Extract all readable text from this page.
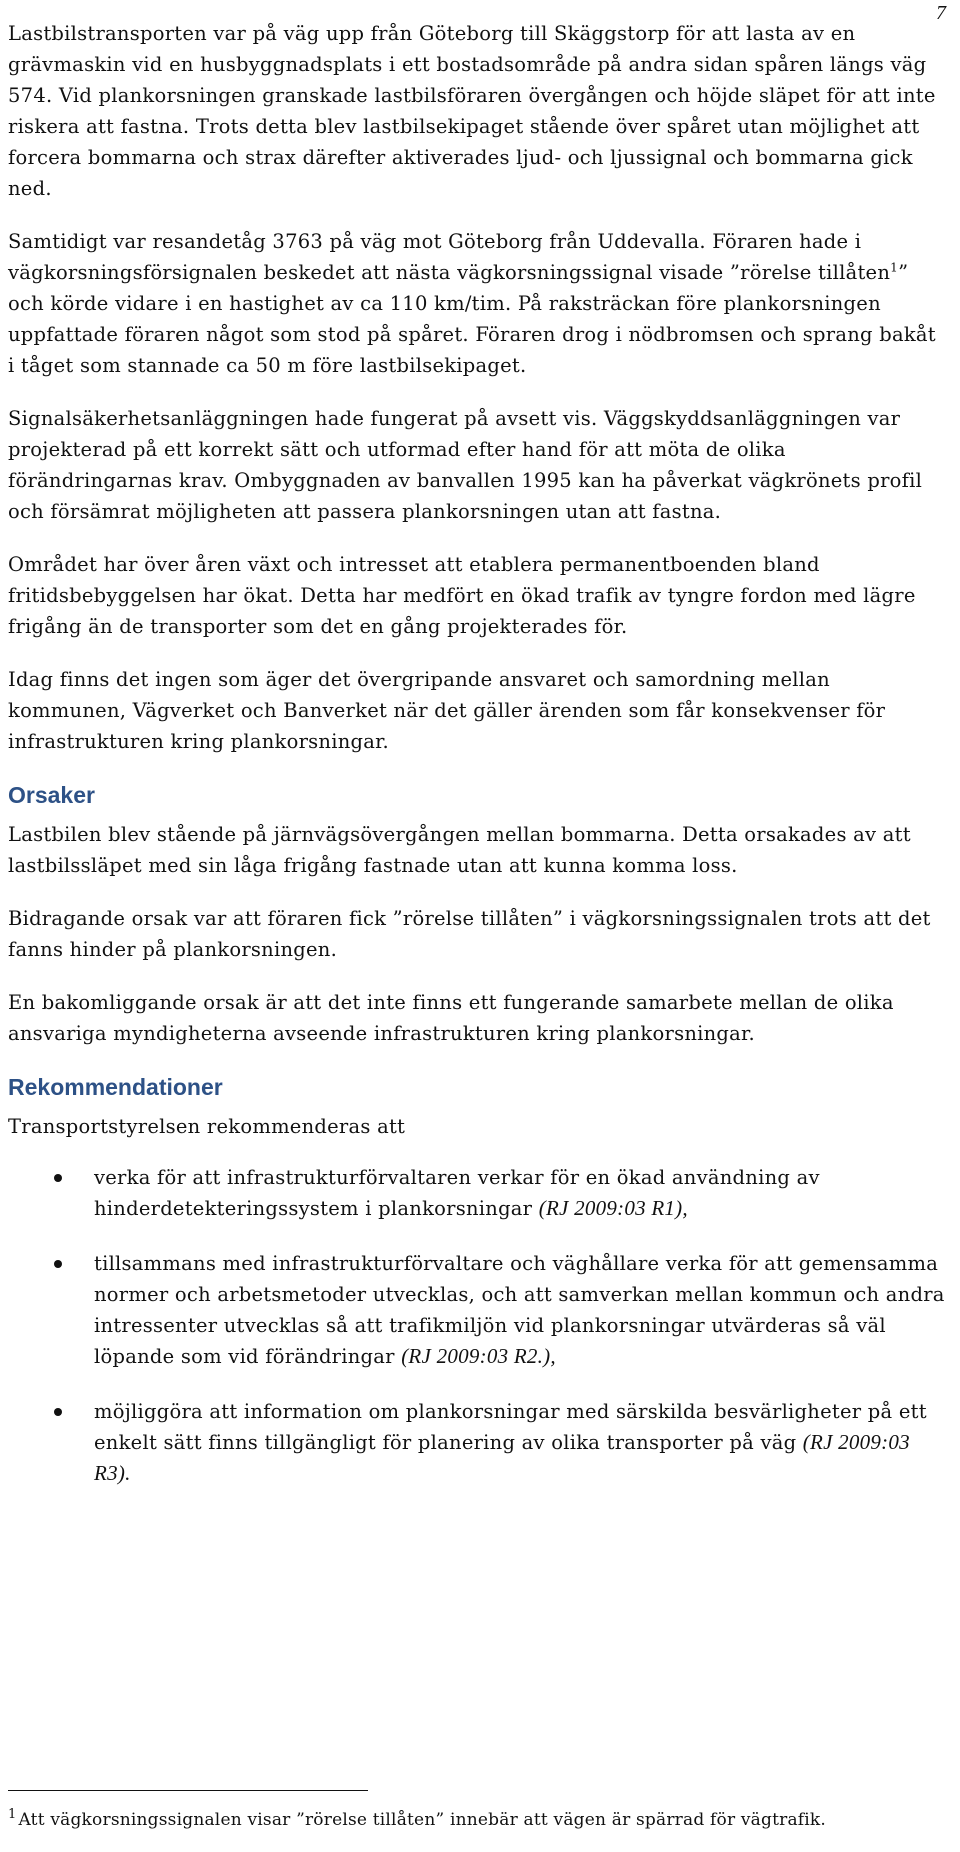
7

Lastbilstransporten var på väg upp från Göteborg till Skäggstorp för att lasta av en grävmaskin vid en husbyggnadsplats i ett bostadsområde på andra sidan spåren längs väg 574. Vid plankorsningen granskade lastbilsföraren övergången och höjde släpet för att inte riskera att fastna. Trots detta blev lastbilsekipaget stående över spåret utan möjlighet att forcera bommarna och strax därefter aktiverades ljud- och ljussignal och bommarna gick ned.

Samtidigt var resandetåg 3763 på väg mot Göteborg från Uddevalla. Föraren hade i vägkorsningsförsignalen beskedet att nästa vägkorsningssignal visade ”rörelse tillåten$^1$” och körde vidare i en hastighet av ca 110 km/tim. På raksträckan före plankorsningen uppfattade föraren något som stod på spåret. Föraren drog i nödbromsen och sprang bakåt i tåget som stannade ca 50 m före lastbilsekipaget.

Signalsäkerhetsanläggningen hade fungerat på avsett vis. Väggskyddsanläggningen var projekterad på ett korrekt sätt och utformad efter hand för att möta de olika förändringarnas krav. Ombyggnaden av banvallen 1995 kan ha påverkat vägkrönets profil och försämrat möjligheten att passera plankorsningen utan att fastna.

Området har över åren växt och intresset att etablera permanentboenden bland fritidsbebyggelsen har ökat. Detta har medfört en ökad trafik av tyngre fordon med lägre frigång än de transporter som det en gång projekterades för.

Idag finns det ingen som äger det övergripande ansvaret och samordning mellan kommunen, Vägverket och Banverket när det gäller ärenden som får konsekvenser för infrastrukturen kring plankorsningar.

Orsaker

Lastbilen blev stående på järnvägsövergången mellan bommarna. Detta orsakades av att lastbilssläpet med sin låga frigång fastnade utan att kunna komma loss.

Bidragande orsak var att föraren fick ”rörelse tillåten” i vägkorsningssignalen trots att det fanns hinder på plankorsningen.

En bakomliggande orsak är att det inte finns ett fungerande samarbete mellan de olika ansvariga myndigheterna avseende infrastrukturen kring plankorsningar.

Rekommendationer

Transportstyrelsen rekommenderas att

verka för att infrastrukturförvaltaren verkar för en ökad användning av hinderdetekteringssystem i plankorsningar (RJ 2009:03 R1),
tillsammans med infrastrukturförvaltare och väghållare verka för att gemensamma normer och arbetsmetoder utvecklas, och att samverkan mellan kommun och andra intressenter utvecklas så att trafikmiljön vid plankorsningar utvärderas så väl löpande som vid förändringar (RJ 2009:03 R2.),
möjliggöra att information om plankorsningar med särskilda besvärligheter på ett enkelt sätt finns tillgängligt för planering av olika transporter på väg (RJ 2009:03 R3).
$^1$ Att vägkorsningssignalen visar ”rörelse tillåten” innebär att vägen är spärrad för vägtrafik.
